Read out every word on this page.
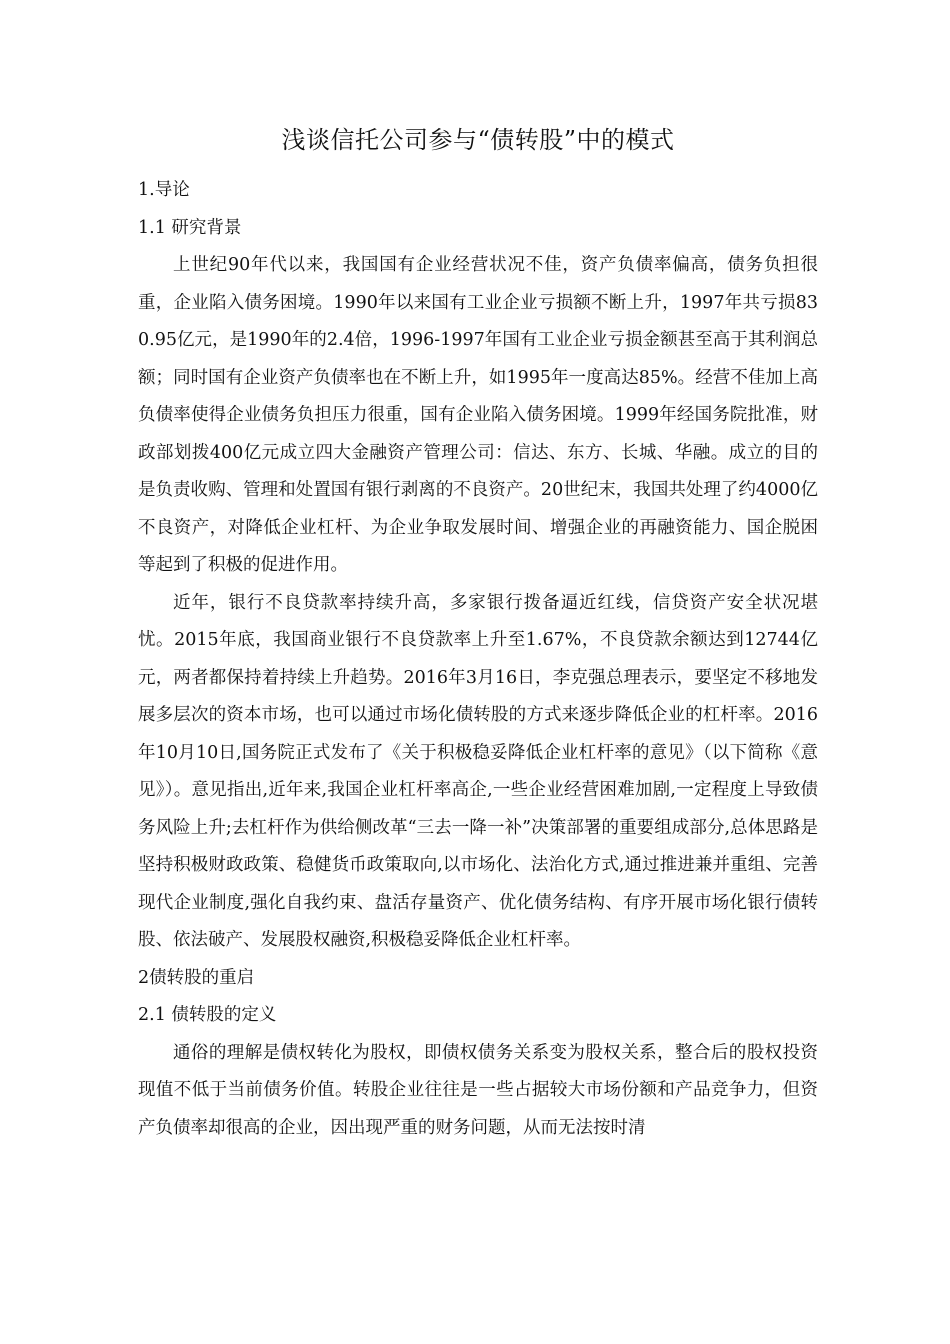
浅谈信托公司参与“债转股”中的模式

1.导论

1.1 研究背景

上世纪90年代以来，我国国有企业经营状况不佳，资产负债率偏高，债务负担很重，企业陷入债务困境。1990年以来国有工业企业亏损额不断上升，1997年共亏损830.95亿元，是1990年的2.4倍，1996-1997年国有工业企业亏损金额甚至高于其利润总额；同时国有企业资产负债率也在不断上升，如1995年一度高达85%。经营不佳加上高负债率使得企业债务负担压力很重，国有企业陷入债务困境。1999年经国务院批准，财政部划拨400亿元成立四大金融资产管理公司：信达、东方、长城、华融。成立的目的是负责收购、管理和处置国有银行剥离的不良资产。20世纪末，我国共处理了约4000亿不良资产，对降低企业杠杆、为企业争取发展时间、增强企业的再融资能力、国企脱困等起到了积极的促进作用。

近年，银行不良贷款率持续升高，多家银行拨备逼近红线，信贷资产安全状况堪忧。2015年底，我国商业银行不良贷款率上升至1.67%，不良贷款余额达到12744亿元，两者都保持着持续上升趋势。2016年3月16日，李克强总理表示，要坚定不移地发展多层次的资本市场，也可以通过市场化债转股的方式来逐步降低企业的杠杆率。2016年10月10日,国务院正式发布了《关于积极稳妥降低企业杠杆率的意见》（以下简称《意见》）。意见指出,近年来,我国企业杠杆率高企,一些企业经营困难加剧,一定程度上导致债务风险上升;去杠杆作为供给侧改革“三去一降一补”决策部署的重要组成部分,总体思路是坚持积极财政政策、稳健货币政策取向,以市场化、法治化方式,通过推进兼并重组、完善现代企业制度,强化自我约束、盘活存量资产、优化债务结构、有序开展市场化银行债转股、依法破产、发展股权融资,积极稳妥降低企业杠杆率。

2债转股的重启

2.1 债转股的定义

通俗的理解是债权转化为股权，即债权债务关系变为股权关系，整合后的股权投资现值不低于当前债务价值。转股企业往往是一些占据较大市场份额和产品竞争力，但资产负债率却很高的企业，因出现严重的财务问题，从而无法按时清
